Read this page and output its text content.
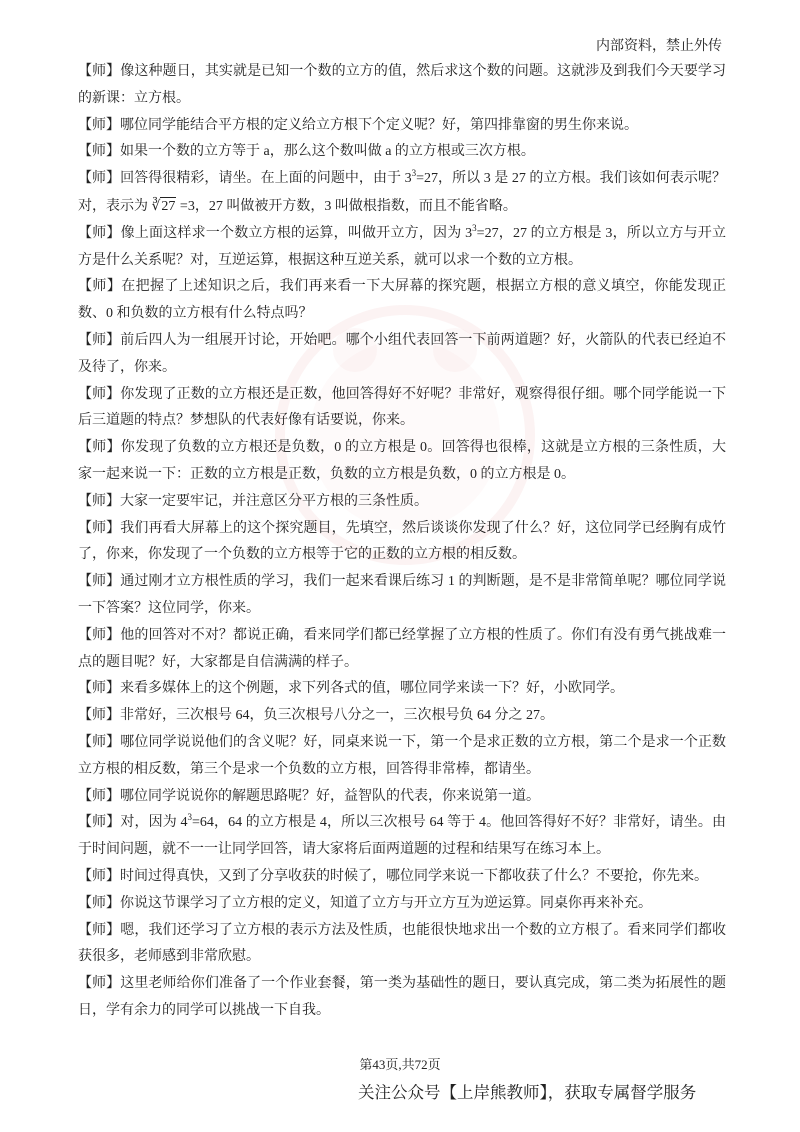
内部资料，禁止外传

【师】像这种题日，其实就是已知一个数的立方的值，然后求这个数的问题。这就涉及到我们今天要学习的新课：立方根。

【师】哪位同学能结合平方根的定义给立方根下个定义呢？好，第四排靠窗的男生你来说。

【师】如果一个数的立方等于 a，那么这个数叫做 a 的立方根或三次方根。

【师】回答得很精彩，请坐。在上面的问题中，由于 $3^3=27$，所以 3 是 27 的立方根。我们该如何表示呢？对，表示为 ∛27 =3，27 叫做被开方数，3 叫做根指数，而且不能省略。

【师】像上面这样求一个数立方根的运算，叫做开立方，因为 $3^3=27$，27 的立方根是 3，所以立方与开立方是什么关系呢？对，互逆运算，根据这种互逆关系，就可以求一个数的立方根。

【师】在把握了上述知识之后，我们再来看一下大屏幕的探究题，根据立方根的意义填空，你能发现正数、0 和负数的立方根有什么特点吗？

【师】前后四人为一组展开讨论，开始吧。哪个小组代表回答一下前两道题？好，火箭队的代表已经迫不及待了，你来。

【师】你发现了正数的立方根还是正数，他回答得好不好呢？非常好，观察得很仔细。哪个同学能说一下后三道题的特点？梦想队的代表好像有话要说，你来。

【师】你发现了负数的立方根还是负数，0 的立方根是 0。回答得也很棒，这就是立方根的三条性质，大家一起来说一下：正数的立方根是正数，负数的立方根是负数，0 的立方根是 0。

【师】大家一定要牢记，并注意区分平方根的三条性质。

【师】我们再看大屏幕上的这个探究题目，先填空，然后谈谈你发现了什么？好，这位同学已经胸有成竹了，你来，你发现了一个负数的立方根等于它的正数的立方根的相反数。

【师】通过刚才立方根性质的学习，我们一起来看课后练习 1 的判断题，是不是非常简单呢？哪位同学说一下答案？这位同学，你来。

【师】他的回答对不对？都说正确，看来同学们都已经掌握了立方根的性质了。你们有没有勇气挑战难一点的题目呢？好，大家都是自信满满的样子。

【师】来看多媒体上的这个例题，求下列各式的值，哪位同学来读一下？好，小欧同学。

【师】非常好，三次根号 64，负三次根号八分之一，三次根号负 64 分之 27。

【师】哪位同学说说他们的含义呢？好，同桌来说一下，第一个是求正数的立方根，第二个是求一个正数立方根的相反数，第三个是求一个负数的立方根，回答得非常棒，都请坐。

【师】哪位同学说说你的解题思路呢？好，益智队的代表，你来说第一道。

【师】对，因为 $4^3=64$，64 的立方根是 4，所以三次根号 64 等于 4。他回答得好不好？非常好，请坐。由于时间问题，就不一一让同学回答，请大家将后面两道题的过程和结果写在练习本上。

【师】时间过得真快，又到了分享收获的时候了，哪位同学来说一下都收获了什么？不要抢，你先来。

【师】你说这节课学习了立方根的定义，知道了立方与开立方互为逆运算。同桌你再来补充。

【师】嗯，我们还学习了立方根的表示方法及性质，也能很快地求出一个数的立方根了。看来同学们都收获很多，老师感到非常欣慰。

【师】这里老师给你们准备了一个作业套餐，第一类为基础性的题日，要认真完成，第二类为拓展性的题日，学有余力的同学可以挑战一下自我。

第43页,共72页
关注公众号【上岸熊教师】，获取专属督学服务
